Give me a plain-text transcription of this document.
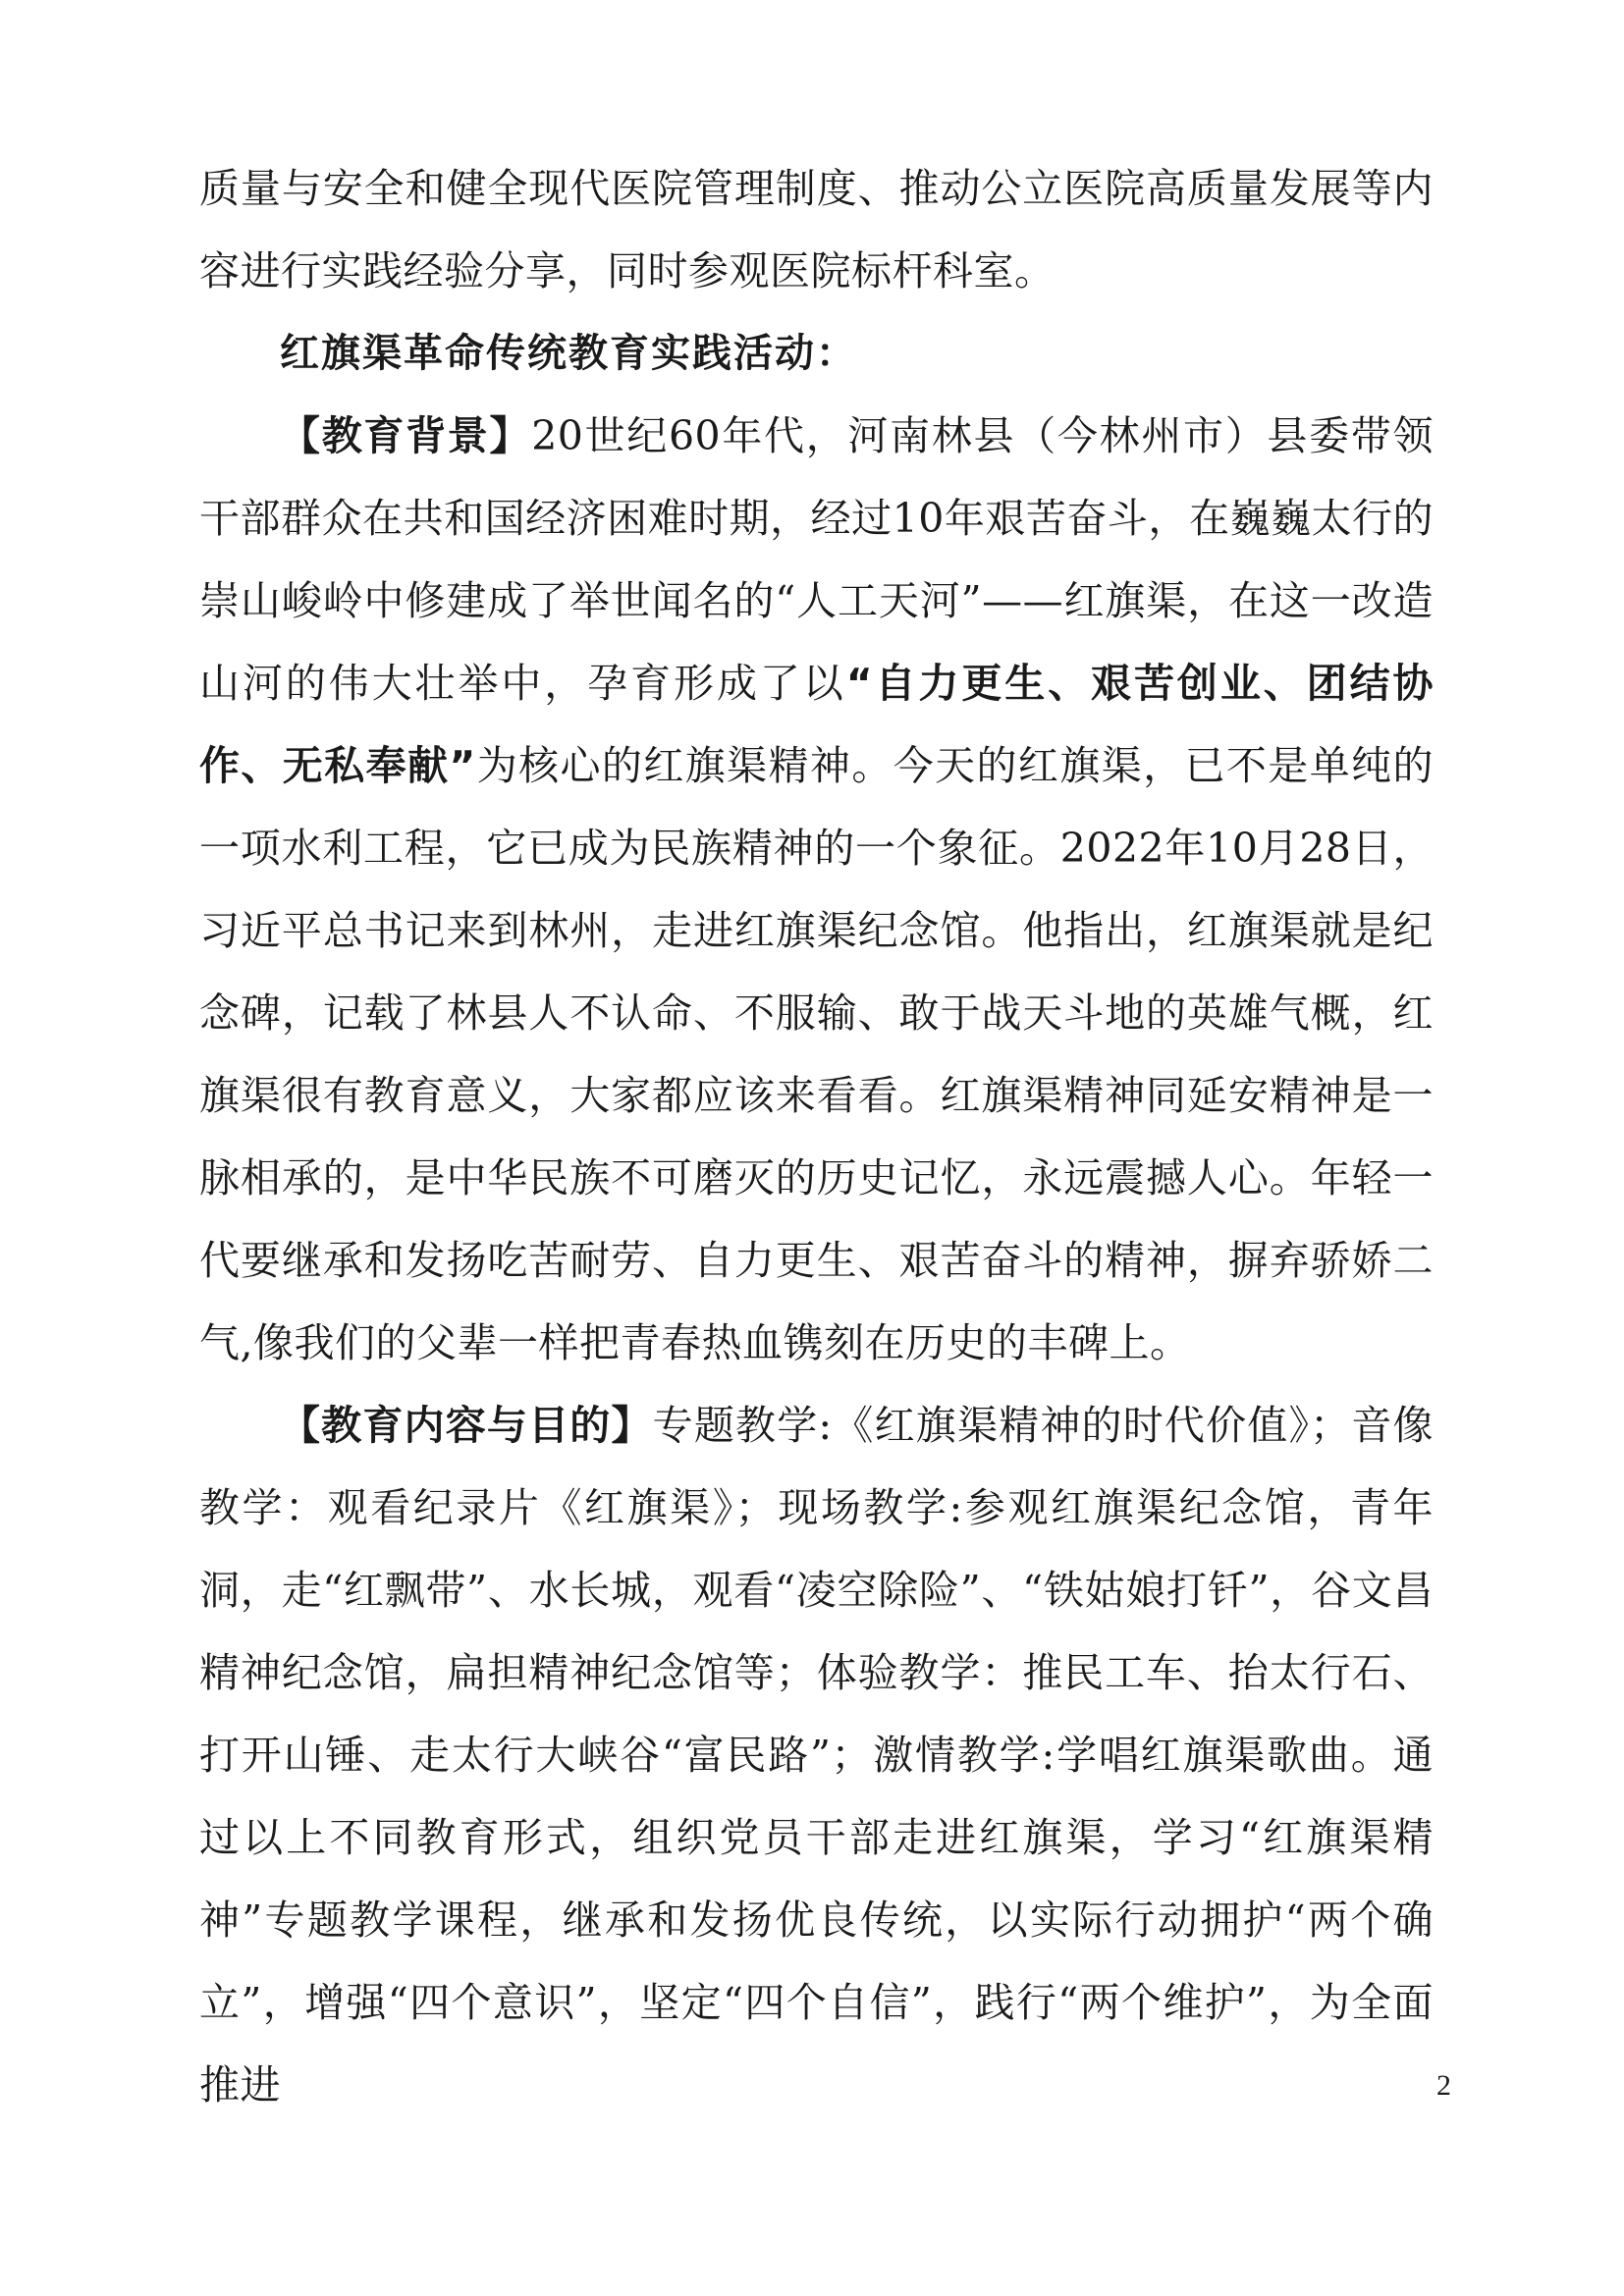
质量与安全和健全现代医院管理制度、推动公立医院高质量发展等内容进行实践经验分享，同时参观医院标杆科室。

红旗渠革命传统教育实践活动：

【教育背景】20世纪60年代，河南林县（今林州市）县委带领干部群众在共和国经济困难时期，经过10年艰苦奋斗，在巍巍太行的崇山峻岭中修建成了举世闻名的“人工天河”——红旗渠，在这一改造山河的伟大壮举中，孕育形成了以“自力更生、艰苦创业、团结协作、无私奉献”为核心的红旗渠精神。今天的红旗渠，已不是单纯的一项水利工程，它已成为民族精神的一个象征。2022年10月28日，习近平总书记来到林州，走进红旗渠纪念馆。他指出，红旗渠就是纪念碑，记载了林县人不认命、不服输、敢于战天斗地的英雄气概，红旗渠很有教育意义，大家都应该来看看。红旗渠精神同延安精神是一脉相承的，是中华民族不可磨灭的历史记忆，永远震撼人心。年轻一代要继承和发扬吃苦耐劳、自力更生、艰苦奋斗的精神，摒弃骄娇二气,像我们的父辈一样把青春热血镌刻在历史的丰碑上。

【教育内容与目的】专题教学:《红旗渠精神的时代价值》；音像教学：观看纪录片《红旗渠》；现场教学:参观红旗渠纪念馆，青年洞，走“红飘带”、水长城，观看“凌空除险”、“铁姑娘打钎”，谷文昌精神纪念馆，扁担精神纪念馆等；体验教学：推民工车、抬太行石、打开山锤、走太行大峡谷“富民路”；激情教学:学唱红旗渠歌曲。通过以上不同教育形式，组织党员干部走进红旗渠，学习“红旗渠精神”专题教学课程，继承和发扬优良传统，以实际行动拥护“两个确立”，增强“四个意识”，坚定“四个自信”，践行“两个维护”，为全面推进	2
